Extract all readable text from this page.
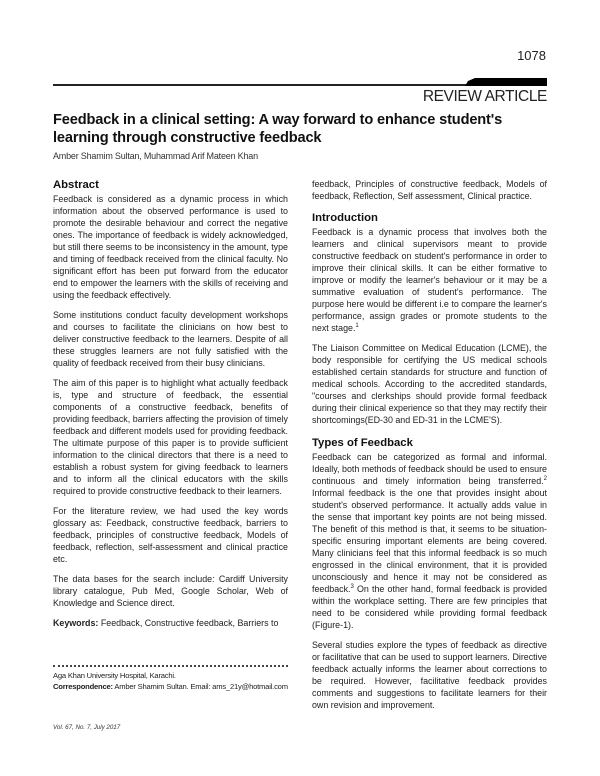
1078
REVIEW ARTICLE
Feedback in a clinical setting: A way forward to enhance student's learning through constructive feedback
Amber Shamim Sultan, Muhammad Arif Mateen Khan
Abstract

Feedback is considered as a dynamic process in which information about the observed performance is used to promote the desirable behaviour and correct the negative ones. The importance of feedback is widely acknowledged, but still there seems to be inconsistency in the amount, type and timing of feedback received from the clinical faculty. No significant effort has been put forward from the educator end to empower the learners with the skills of receiving and using the feedback effectively.

Some institutions conduct faculty development workshops and courses to facilitate the clinicians on how best to deliver constructive feedback to the learners. Despite of all these struggles learners are not fully satisfied with the quality of feedback received from their busy clinicians.

The aim of this paper is to highlight what actually feedback is, type and structure of feedback, the essential components of a constructive feedback, benefits of providing feedback, barriers affecting the provision of timely feedback and different models used for providing feedback. The ultimate purpose of this paper is to provide sufficient information to the clinical directors that there is a need to establish a robust system for giving feedback to learners and to inform all the clinical educators with the skills required to provide constructive feedback to their learners.

For the literature review, we had used the key words glossary as: Feedback, constructive feedback, barriers to feedback, principles of constructive feedback, Models of feedback, reflection, self-assessment and clinical practice etc.

The data bases for the search include: Cardiff University library catalogue, Pub Med, Google Scholar, Web of Knowledge and Science direct.

Keywords: Feedback, Constructive feedback, Barriers to

Aga Khan University Hospital, Karachi.
Correspondence: Amber Shamim Sultan. Email: ams_21y@hotmail.com
Vol. 67, No. 7, July 2017

feedback, Principles of constructive feedback, Models of feedback, Reflection, Self assessment, Clinical practice.

Introduction

Feedback is a dynamic process that involves both the learners and clinical supervisors meant to provide constructive feedback on student's performance in order to improve their clinical skills. It can be either formative to improve or modify the learner's behaviour or it may be a summative evaluation of student's performance. The purpose here would be different i.e to compare the learner's performance, assign grades or promote students to the next stage.$^1$

The Liaison Committee on Medical Education (LCME), the body responsible for certifying the US medical schools established certain standards for structure and function of medical schools. According to the accredited standards, "courses and clerkships should provide formal feedback during their clinical experience so that they may rectify their shortcomings(ED-30 and ED-31 in the LCME'S).

Types of Feedback

Feedback can be categorized as formal and informal. Ideally, both methods of feedback should be used to ensure continuous and timely information being transferred.$^2$ Informal feedback is the one that provides insight about student's observed performance. It actually adds value in the sense that important key points are not being missed. The benefit of this method is that, it seems to be situation- specific ensuring important elements are being covered. Many clinicians feel that this informal feedback is so much engrossed in the clinical environment, that it is provided unconsciously and hence it may not be considered as feedback.$^3$ On the other hand, formal feedback is provided within the workplace setting. There are few principles that need to be considered while providing formal feedback (Figure-1).

Several studies explore the types of feedback as directive or facilitative that can be used to support learners. Directive feedback actually informs the learner about corrections to be required. However, facilitative feedback provides comments and suggestions to facilitate learners for their own revision and improvement.
